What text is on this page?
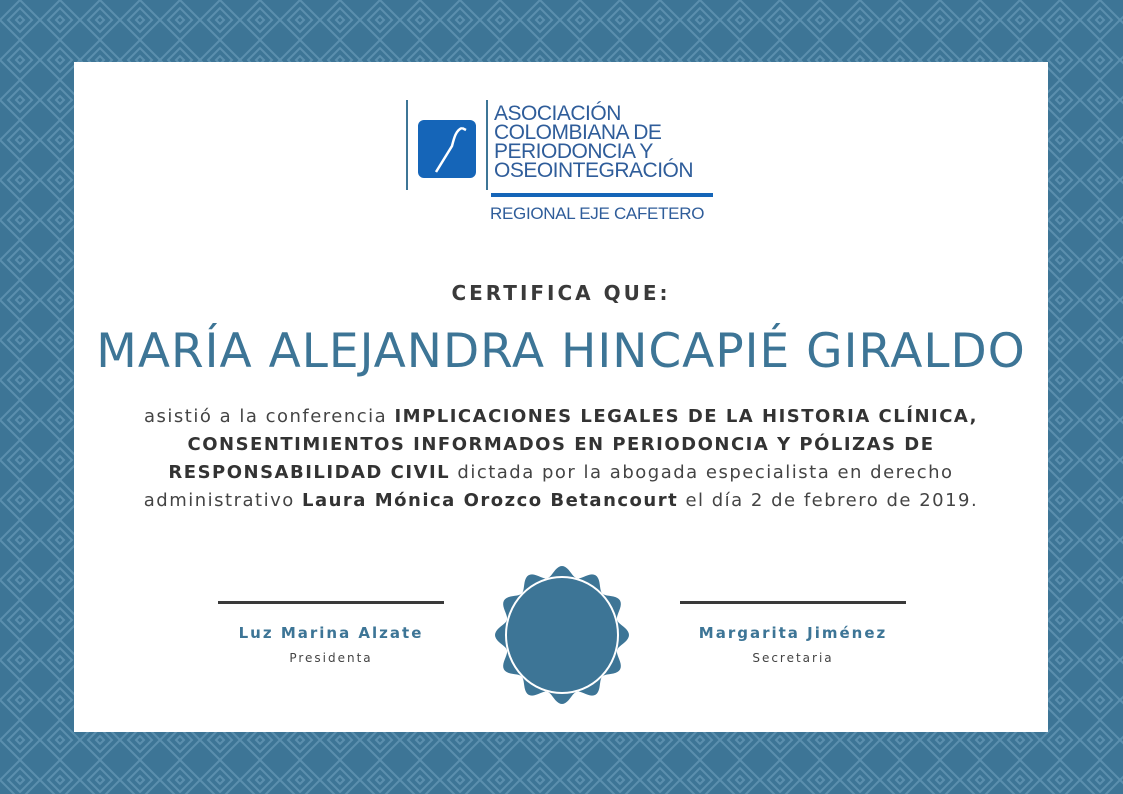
ASOCIACIÓN
COLOMBIANA DE
PERIODONCIA Y
OSEOINTEGRACIÓN
REGIONAL EJE CAFETERO
CERTIFICA QUE:
MARÍA ALEJANDRA HINCAPIÉ GIRALDO
asistió a la conferencia IMPLICACIONES LEGALES DE LA HISTORIA CLÍNICA, CONSENTIMIENTOS INFORMADOS EN PERIODONCIA Y PÓLIZAS DE RESPONSABILIDAD CIVIL dictada por la abogada especialista en derecho administrativo Laura Mónica Orozco Betancourt el día 2 de febrero de 2019.
Luz Marina Alzate
Presidenta
Margarita Jiménez
Secretaria
